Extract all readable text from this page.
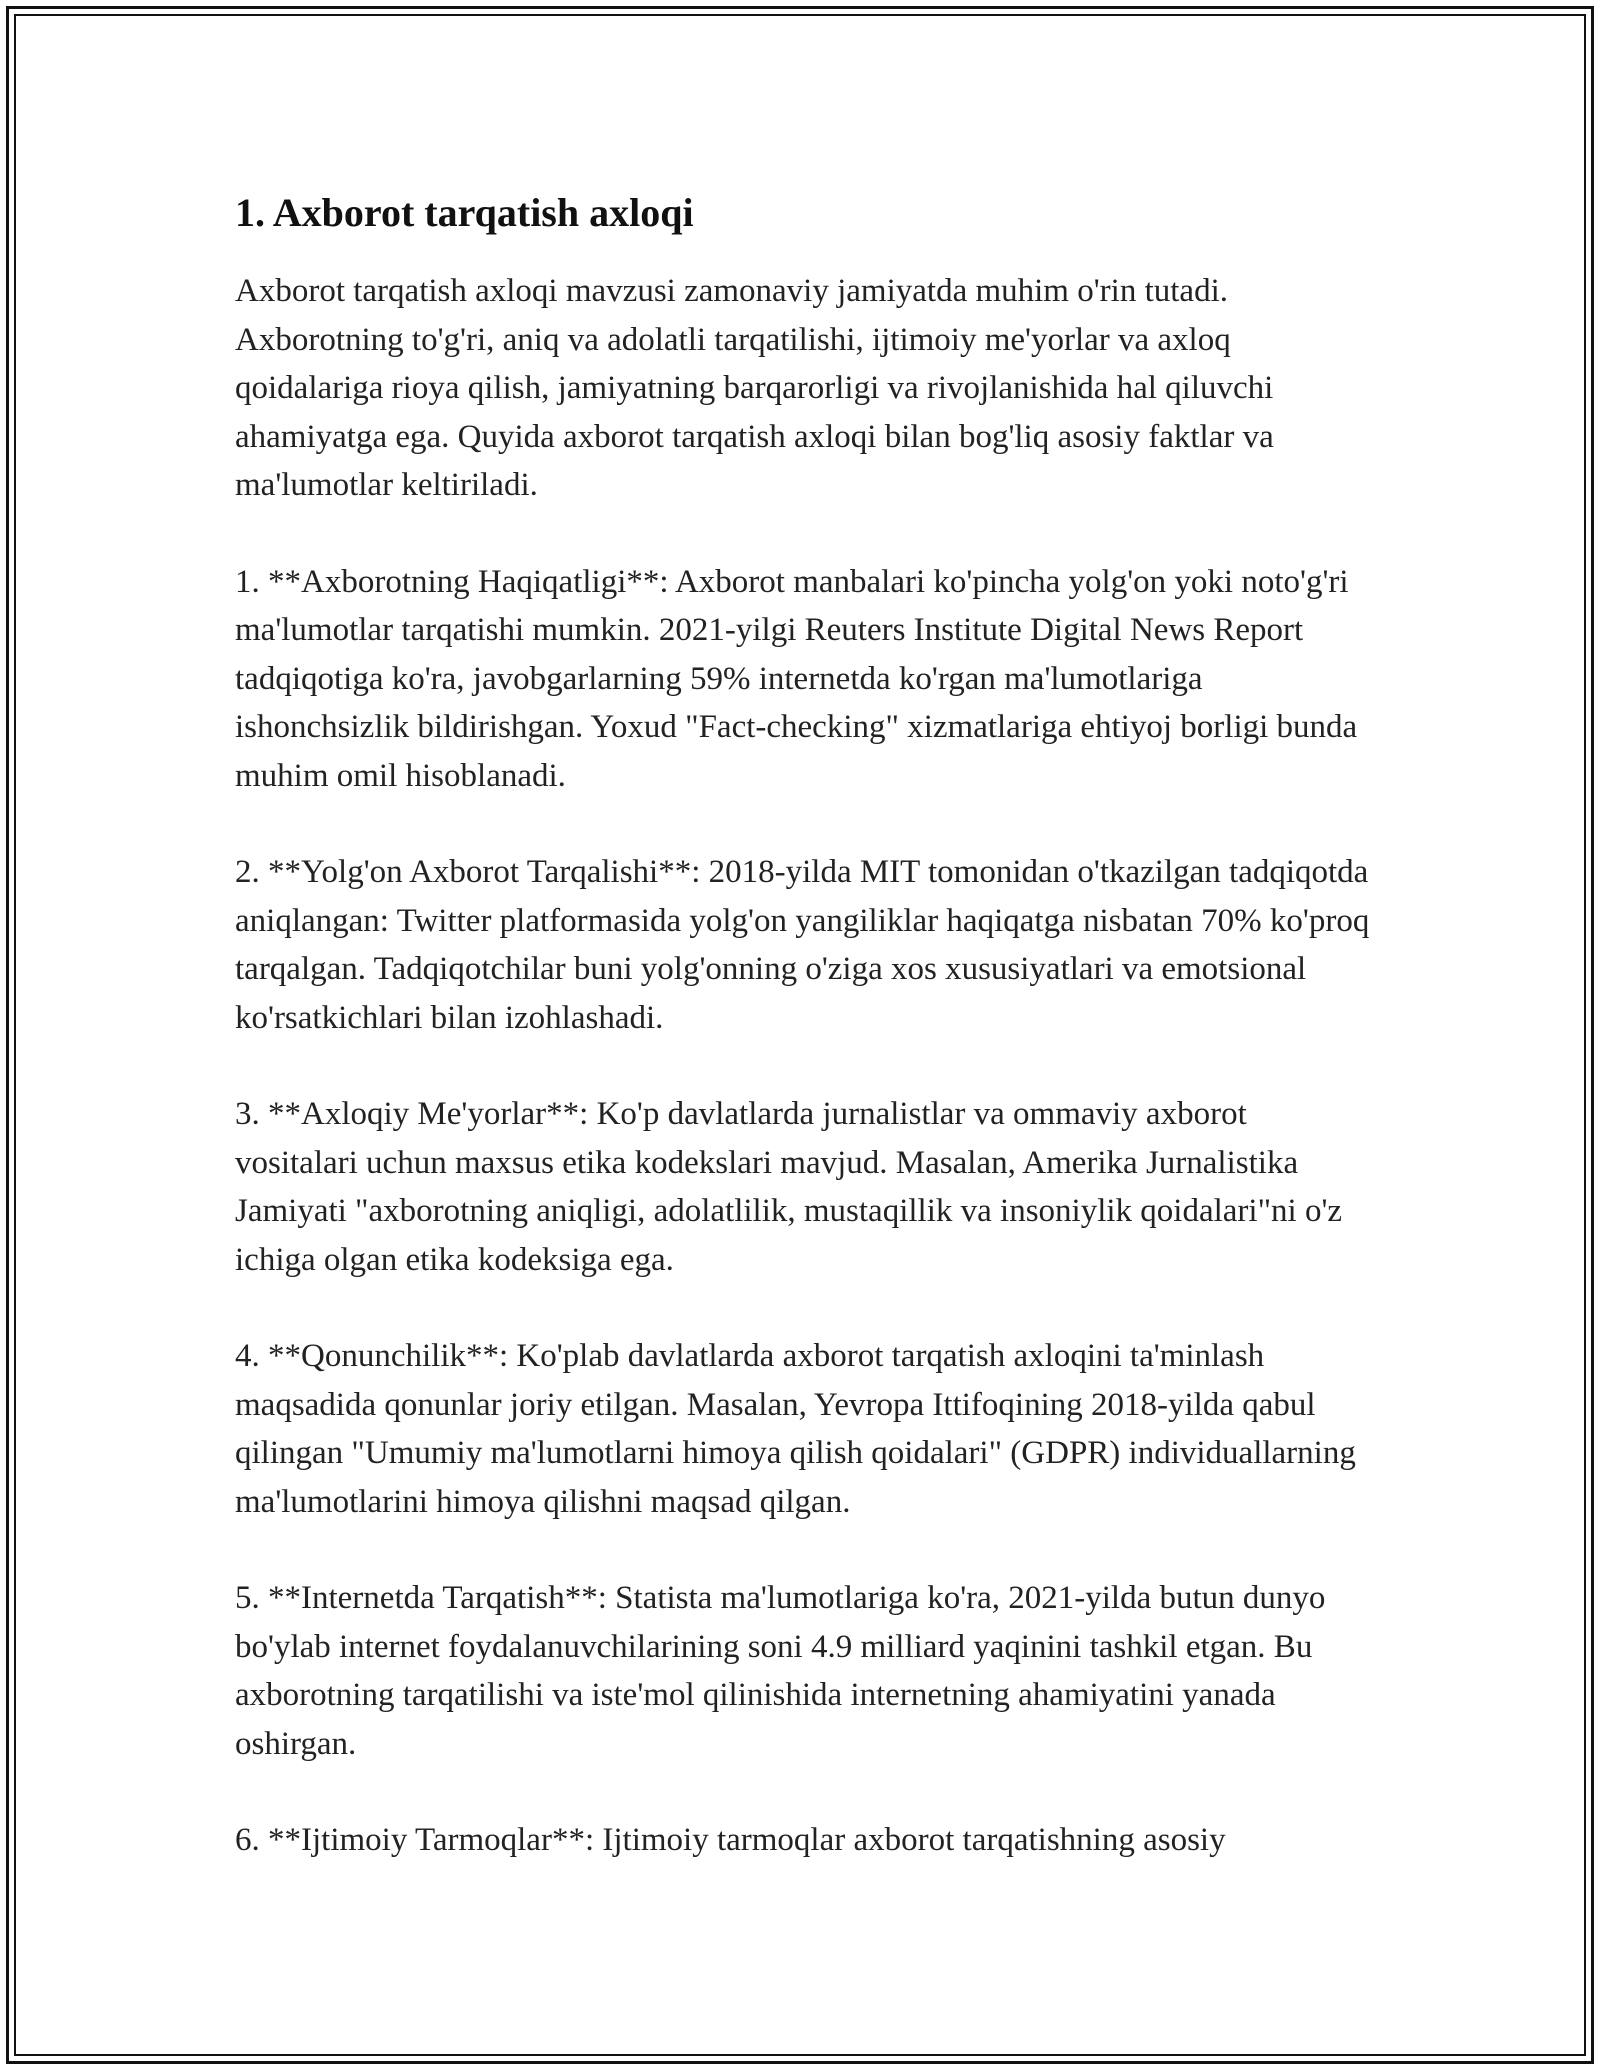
1. Axborot tarqatish axloqi

Axborot tarqatish axloqi mavzusi zamonaviy jamiyatda muhim o'rin tutadi. Axborotning to'g'ri, aniq va adolatli tarqatilishi, ijtimoiy me'yorlar va axloq qoidalariga rioya qilish, jamiyatning barqarorligi va rivojlanishida hal qiluvchi ahamiyatga ega. Quyida axborot tarqatish axloqi bilan bog'liq asosiy faktlar va ma'lumotlar keltiriladi.

1. **Axborotning Haqiqatligi**: Axborot manbalari ko'pincha yolg'on yoki noto'g'ri ma'lumotlar tarqatishi mumkin. 2021-yilgi Reuters Institute Digital News Report tadqiqotiga ko'ra, javobgarlarning 59% internetda ko'rgan ma'lumotlariga ishonchsizlik bildirishgan. Yoxud "Fact-checking" xizmatlariga ehtiyoj borligi bunda muhim omil hisoblanadi.

2. **Yolg'on Axborot Tarqalishi**: 2018-yilda MIT tomonidan o'tkazilgan tadqiqotda aniqlangan: Twitter platformasida yolg'on yangiliklar haqiqatga nisbatan 70% ko'proq tarqalgan. Tadqiqotchilar buni yolg'onning o'ziga xos xususiyatlari va emotsional ko'rsatkichlari bilan izohlashadi.

3. **Axloqiy Me'yorlar**: Ko'p davlatlarda jurnalistlar va ommaviy axborot vositalari uchun maxsus etika kodekslari mavjud. Masalan, Amerika Jurnalistika Jamiyati "axborotning aniqligi, adolatlilik, mustaqillik va insoniylik qoidalari"ni o'z ichiga olgan etika kodeksiga ega.

4. **Qonunchilik**: Ko'plab davlatlarda axborot tarqatish axloqini ta'minlash maqsadida qonunlar joriy etilgan. Masalan, Yevropa Ittifoqining 2018-yilda qabul qilingan "Umumiy ma'lumotlarni himoya qilish qoidalari" (GDPR) individuallarning ma'lumotlarini himoya qilishni maqsad qilgan.

5. **Internetda Tarqatish**: Statista ma'lumotlariga ko'ra, 2021-yilda butun dunyo bo'ylab internet foydalanuvchilarining soni 4.9 milliard yaqinini tashkil etgan. Bu axborotning tarqatilishi va iste'mol qilinishida internetning ahamiyatini yanada oshirgan.

6. **Ijtimoiy Tarmoqlar**: Ijtimoiy tarmoqlar axborot tarqatishning asosiy
